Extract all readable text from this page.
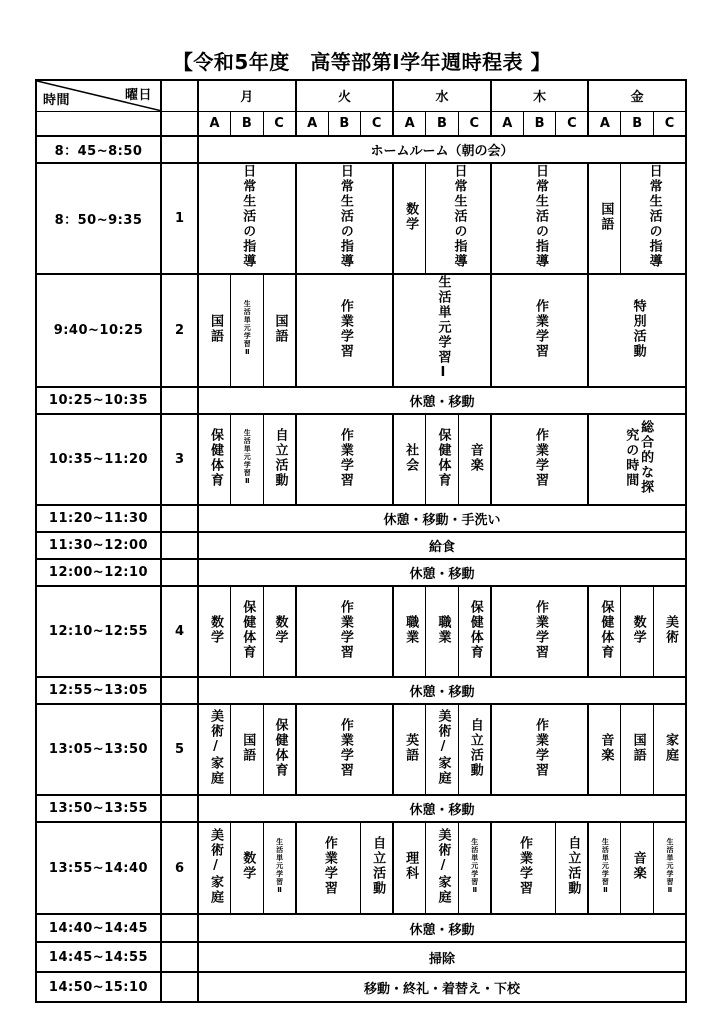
【令和5年度　高等部第Ⅰ学年週時程表 】
曜日
時間		月			火			水			木			金		
		A	B	C	A	B	C	A	B	C	A	B	C	A	B	C
8：45~8:50		ホームルーム（朝の会）														
8：50~9:35	1	日常生活の指導			日常生活の指導			数学	日常生活の指導		日常生活の指導			国語	日常生活の指導	
9:40~10:25	2	国語	生活単元学習Ⅱ	国語	作業学習			生活単元学習Ⅰ			作業学習			特別活動		
10:25~10:35		休憩・移動														
10:35~11:20	3	保健体育	生活単元学習Ⅱ	自立活動	作業学習			社会	保健体育	音楽	作業学習			総合的な探究の時間		
11:20~11:30		休憩・移動・手洗い														
11:30~12:00		給食														
12:00~12:10		休憩・移動														
12:10~12:55	4	数学	保健体育	数学	作業学習			職業	職業	保健体育	作業学習			保健体育	数学	美術
12:55~13:05		休憩・移動														
13:05~13:50	5	美術/家庭	国語	保健体育	作業学習			英語	美術/家庭	自立活動	作業学習			音楽	国語	家庭
13:50~13:55		休憩・移動														
13:55~14:40	6	美術/家庭	数学	生活単元学習Ⅱ	作業学習		自立活動	理科	美術/家庭	生活単元学習Ⅱ	作業学習		自立活動	生活単元学習Ⅱ	音楽	生活単元学習Ⅱ
14:40~14:45		休憩・移動														
14:45~14:55		掃除														
14:50~15:10		移動・終礼・着替え・下校														
